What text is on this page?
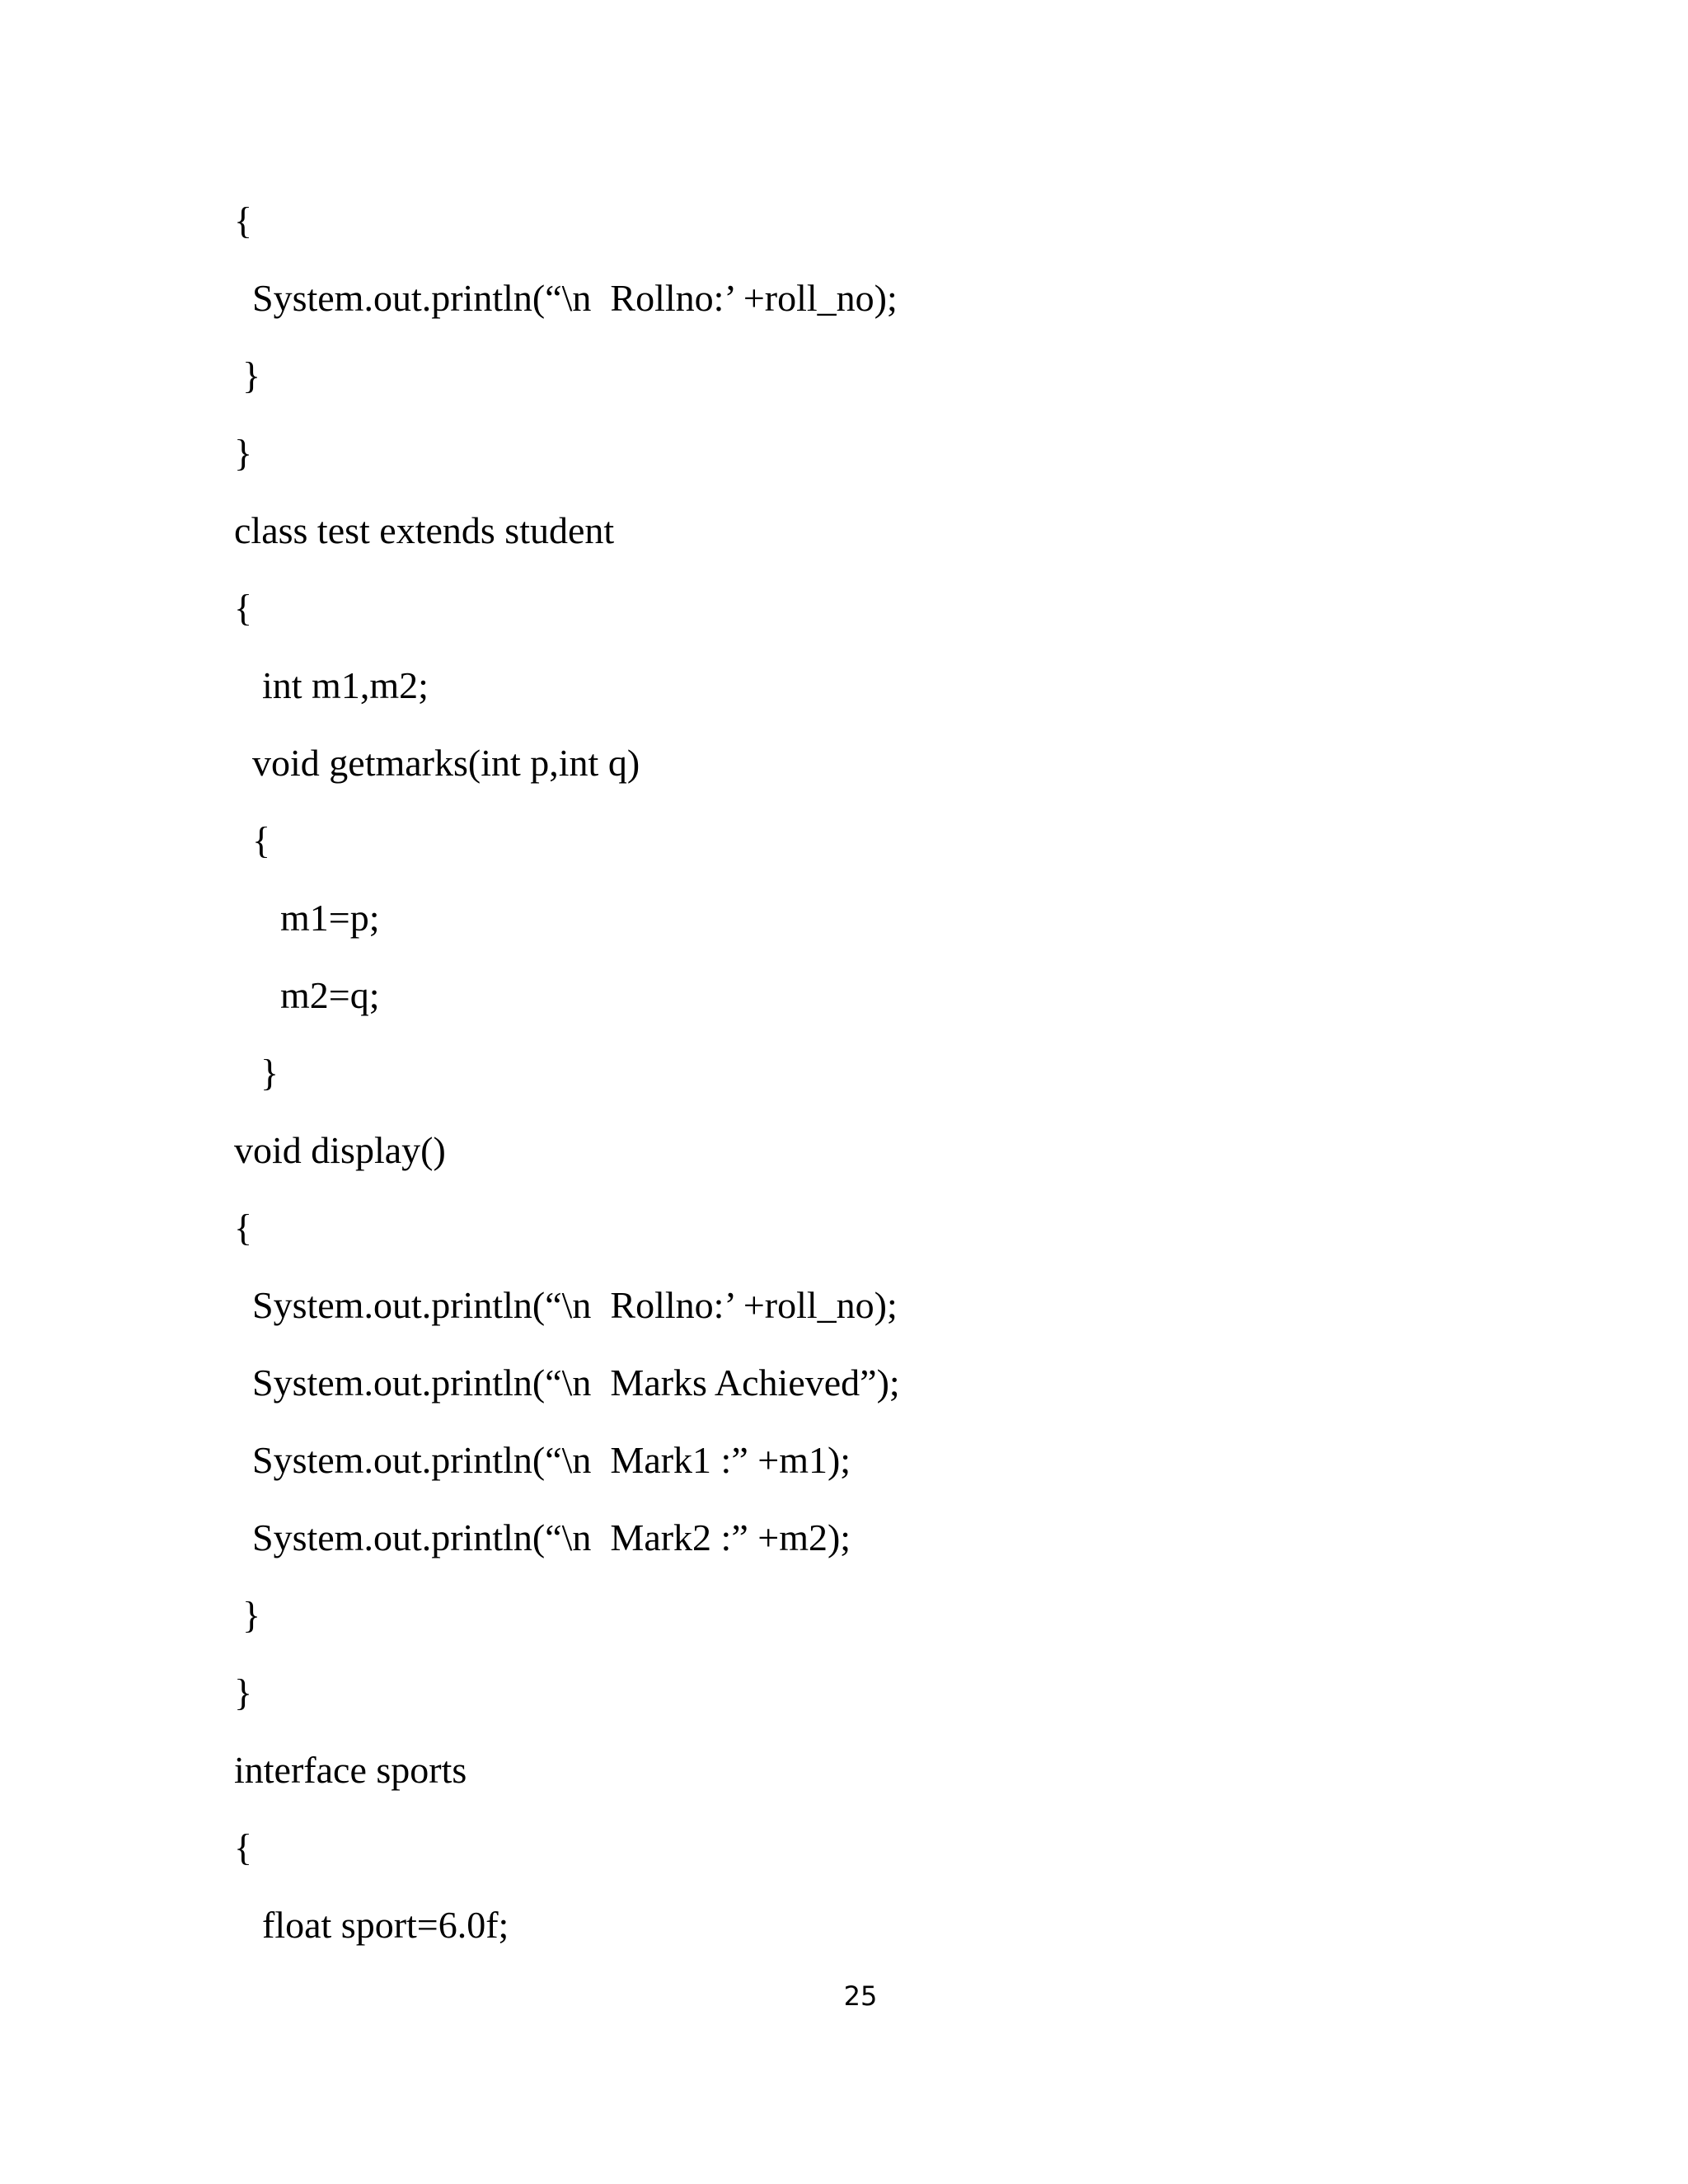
{
System.out.println(“\n  Rollno:’ +roll_no);
}
}
class test extends student
{
int m1,m2;
void getmarks(int p,int q)
{
m1=p;
m2=q;
}
void display()
{
System.out.println(“\n  Rollno:’ +roll_no);
System.out.println(“\n  Marks Achieved”);
System.out.println(“\n  Mark1 :” +m1);
System.out.println(“\n  Mark2 :” +m2);
}
}
interface sports
{
float sport=6.0f;
25
